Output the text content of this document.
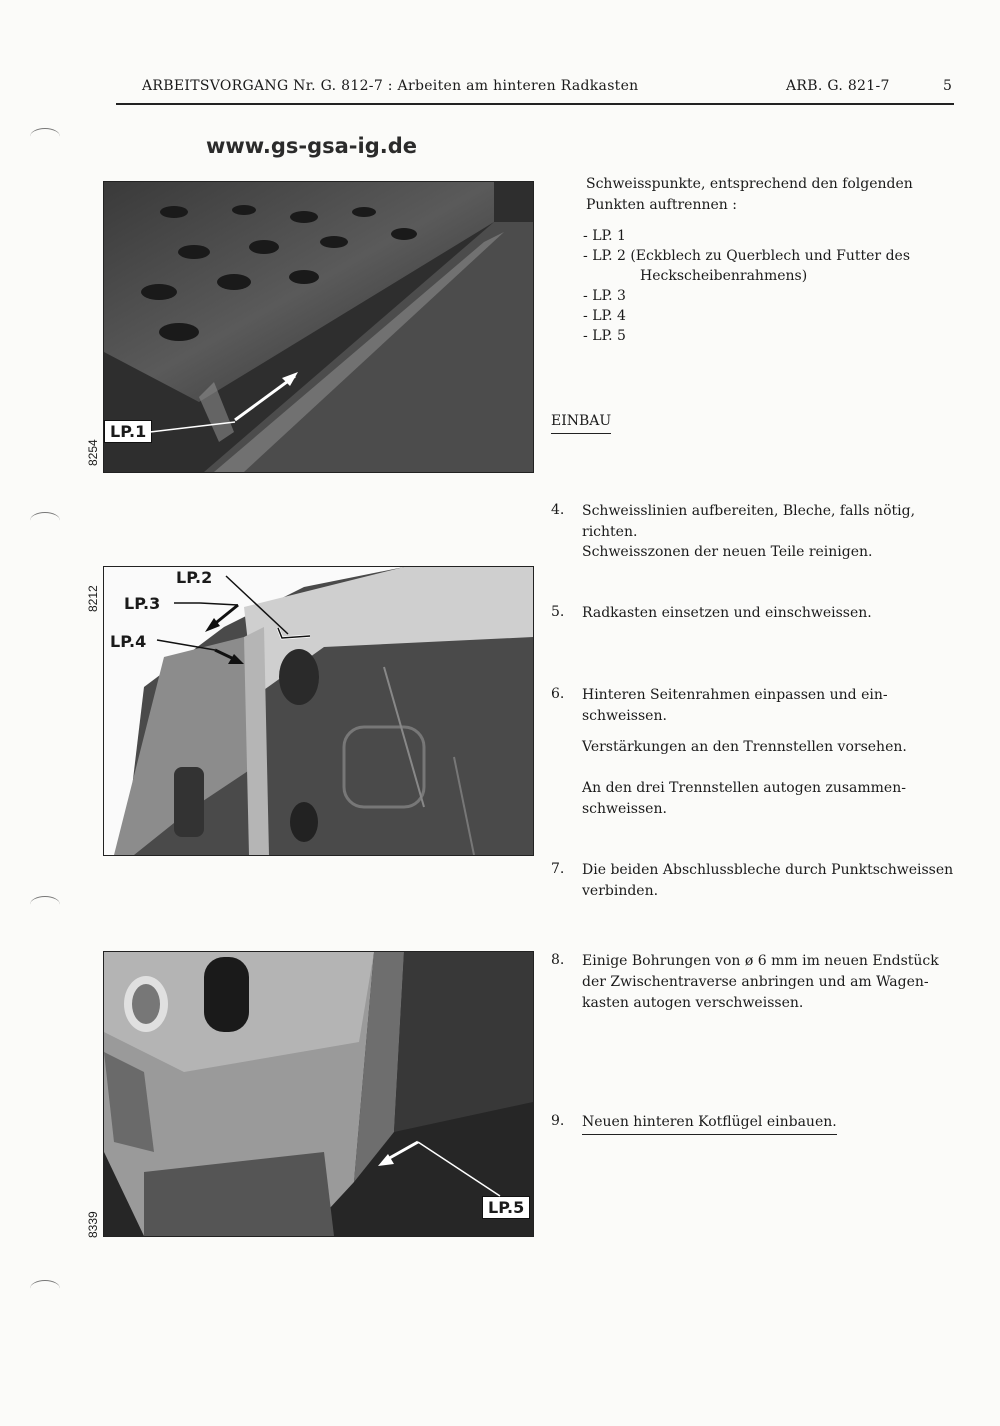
ARBEITSVORGANG Nr. G. 812-7 : Arbeiten am hinteren Radkasten	ARB. G. 821-7	5
www.gs-gsa-ig.de
8254
LP.1
8212
LP.2
LP.3
LP.4
8339
LP.5
Schweisspunkte, entsprechend den folgenden
Punkten auftrennen :
- LP. 1
- LP. 2 (Eckblech zu Querblech und Futter des
Heckscheibenrahmens)
- LP. 3
- LP. 4
- LP. 5
EINBAU
4. Schweisslinien aufbereiten, Bleche, falls nötig,
richten.
Schweisszonen der neuen Teile reinigen.
5. Radkasten einsetzen und einschweissen.
6. Hinteren Seitenrahmen einpassen und ein-
schweissen.
Verstärkungen an den Trennstellen vorsehen.
An den drei Trennstellen autogen zusammen-
schweissen.
7. Die beiden Abschlussbleche durch Punktschweissen
verbinden.
8. Einige Bohrungen von ø 6 mm im neuen Endstück
der Zwischentraverse anbringen und am Wagen-
kasten autogen verschweissen.
9. Neuen hinteren Kotflügel einbauen.
